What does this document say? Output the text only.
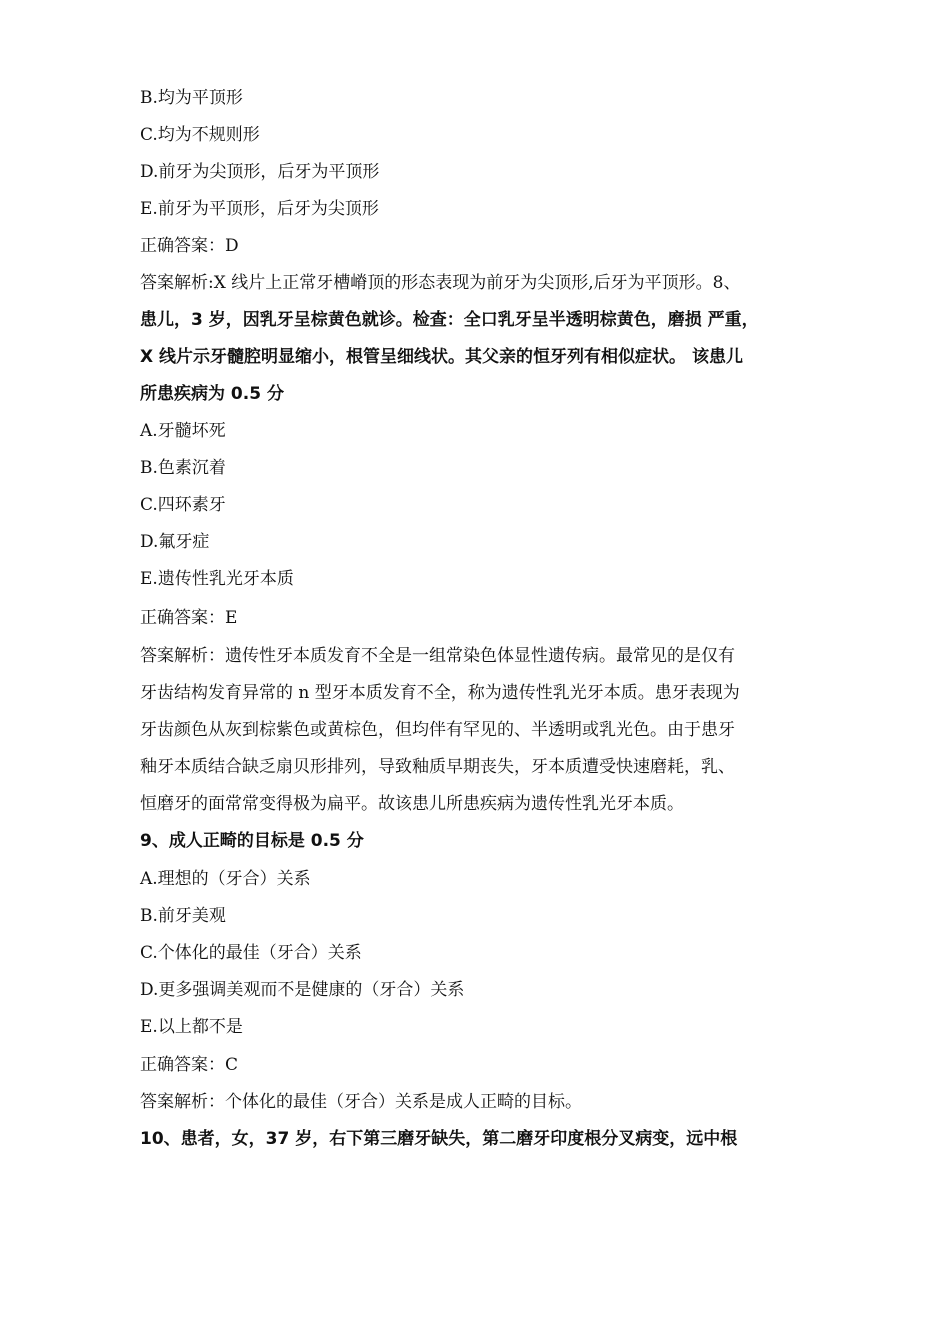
B.均为平顶形
C.均为不规则形
D.前牙为尖顶形，后牙为平顶形
E.前牙为平顶形，后牙为尖顶形
正确答案：D
答案解析:X 线片上正常牙槽嵴顶的形态表现为前牙为尖顶形,后牙为平顶形。8、
患儿，3 岁，因乳牙呈棕黄色就诊。检查：全口乳牙呈半透明棕黄色，磨损 严重，
X 线片示牙髓腔明显缩小，根管呈细线状。其父亲的恒牙列有相似症状。 该患儿
所患疾病为 0.5 分
A.牙髓坏死
B.色素沉着
C.四环素牙
D.氟牙症
E.遗传性乳光牙本质
正确答案：E
答案解析：遗传性牙本质发育不全是一组常染色体显性遗传病。最常见的是仅有
牙齿结构发育异常的 n 型牙本质发育不全，称为遗传性乳光牙本质。患牙表现为
牙齿颜色从灰到棕紫色或黄棕色，但均伴有罕见的、半透明或乳光色。由于患牙
釉牙本质结合缺乏扇贝形排列，导致釉质早期丧失，牙本质遭受快速磨耗，乳、
恒磨牙的面常常变得极为扁平。故该患儿所患疾病为遗传性乳光牙本质。
9、成人正畸的目标是 0.5 分
A.理想的（牙合）关系
B.前牙美观
C.个体化的最佳（牙合）关系
D.更多强调美观而不是健康的（牙合）关系
E.以上都不是
正确答案：C
答案解析：个体化的最佳（牙合）关系是成人正畸的目标。
10、患者，女，37 岁，右下第三磨牙缺失，第二磨牙印度根分叉病变，远中根
